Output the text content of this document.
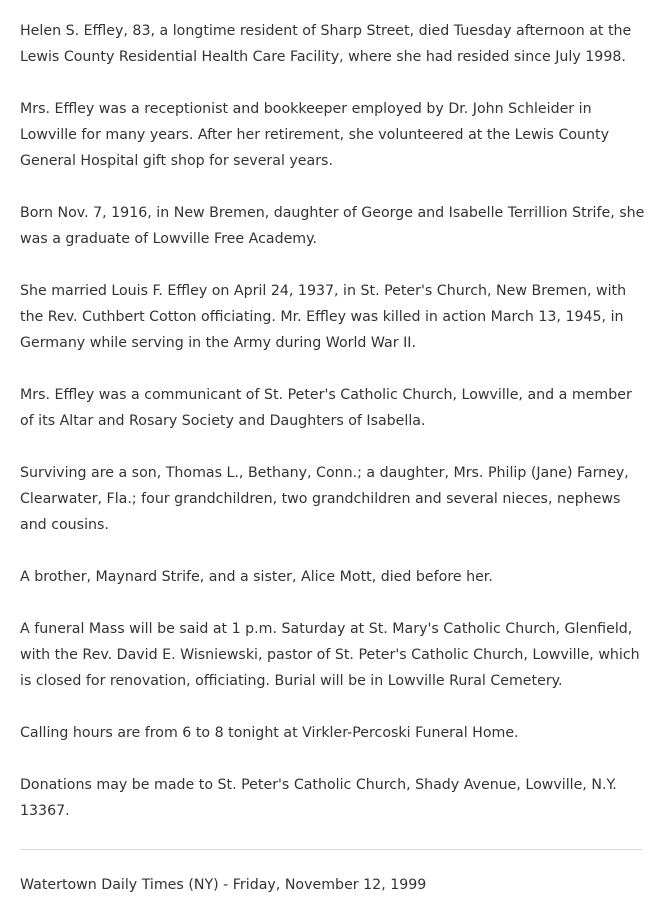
Helen S. Effley, 83, a longtime resident of Sharp Street, died Tuesday afternoon at the Lewis County Residential Health Care Facility, where she had resided since July 1998.

Mrs. Effley was a receptionist and bookkeeper employed by Dr. John Schleider in Lowville for many years. After her retirement, she volunteered at the Lewis County General Hospital gift shop for several years.

Born Nov. 7, 1916, in New Bremen, daughter of George and Isabelle Terrillion Strife, she was a graduate of Lowville Free Academy.

She married Louis F. Effley on April 24, 1937, in St. Peter's Church, New Bremen, with the Rev. Cuthbert Cotton officiating. Mr. Effley was killed in action March 13, 1945, in Germany while serving in the Army during World War II.

Mrs. Effley was a communicant of St. Peter's Catholic Church, Lowville, and a member of its Altar and Rosary Society and Daughters of Isabella.

Surviving are a son, Thomas L., Bethany, Conn.; a daughter, Mrs. Philip (Jane) Farney, Clearwater, Fla.; four grandchildren, two grandchildren and several nieces, nephews and cousins.

A brother, Maynard Strife, and a sister, Alice Mott, died before her.

A funeral Mass will be said at 1 p.m. Saturday at St. Mary's Catholic Church, Glenfield, with the Rev. David E. Wisniewski, pastor of St. Peter's Catholic Church, Lowville, which is closed for renovation, officiating. Burial will be in Lowville Rural Cemetery.

Calling hours are from 6 to 8 tonight at Virkler-Percoski Funeral Home.

Donations may be made to St. Peter's Catholic Church, Shady Avenue, Lowville, N.Y. 13367.

Watertown Daily Times (NY) - Friday, November 12, 1999
